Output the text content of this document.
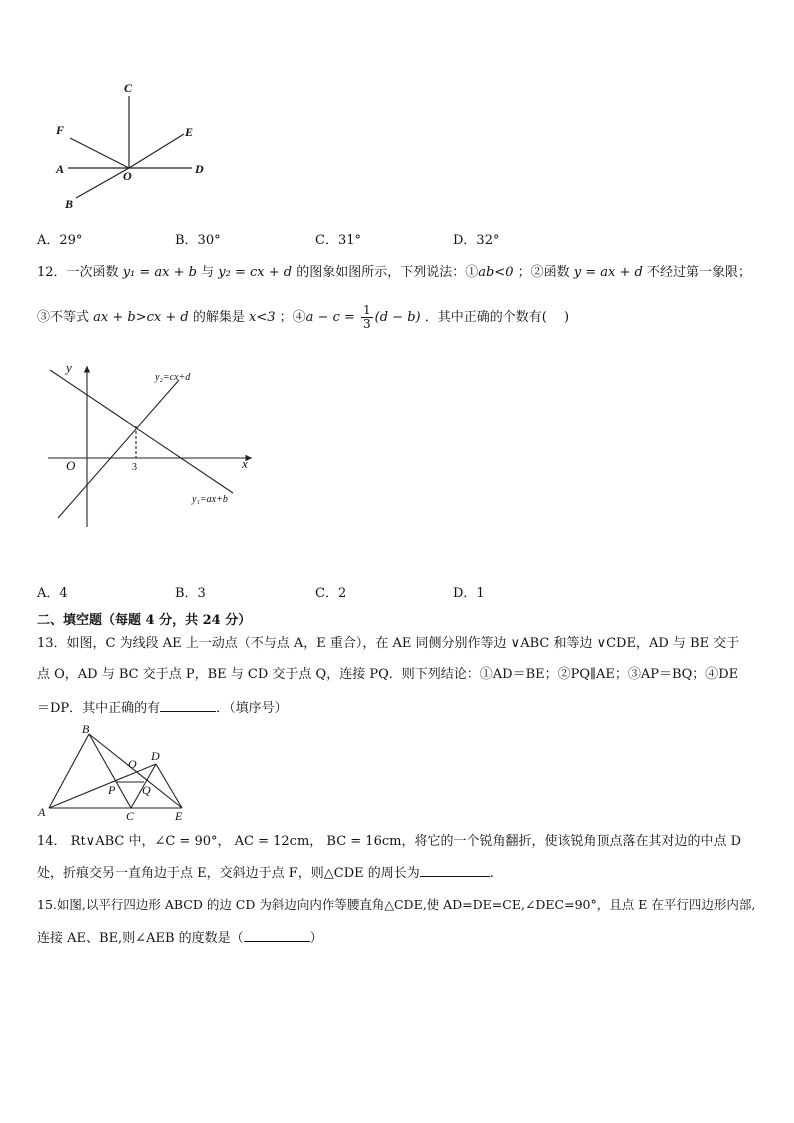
C
F	E
A	O	D
B
A．29°	B．30°	C．31°	D．32°
12．一次函数 y₁ = ax + b 与 y₂ = cx + d 的图象如图所示，下列说法：①ab<0 ；②函数 y = ax + d 不经过第一象限；
③不等式 ax + b>cx + d 的解集是 x<3 ；④a − $c = \frac{1}{3} (d - b)$ ．其中正确的个数有(　 )
y
x
O	3
y₂=cx+d
y₁=ax+b
A．4	B．3	C．2	D．1
二、填空题（每题 4 分，共 24 分）
13．如图，C 为线段 AE 上一动点（不与点 A，E 重合），在 AE 同侧分别作等边 ∨ABC 和等边 ∨CDE，AD 与 BE 交于
点 O，AD 与 BC 交于点 P，BE 与 CD 交于点 Q，连接 PQ．则下列结论：①AD＝BE；②PQ∥AE；③AP＝BQ；④DE
＝DP．其中正确的有	．（填序号）
B
D
O
P Q
A	C	E
14． Rt∨ABC 中，∠C = 90°， AC = 12cm， BC = 16cm，将它的一个锐角翻折，使该锐角顶点落在其对边的中点 D
处，折痕交另一直角边于点 E，交斜边于点 F，则△CDE 的周长为	.
15.如图,以平行四边形 ABCD 的边 CD 为斜边向内作等腰直角△CDE,使 AD=DE=CE,∠DEC=90°，且点 E 在平行四边形内部,
连接 AE、BE,则∠AEB 的度数是（	）
